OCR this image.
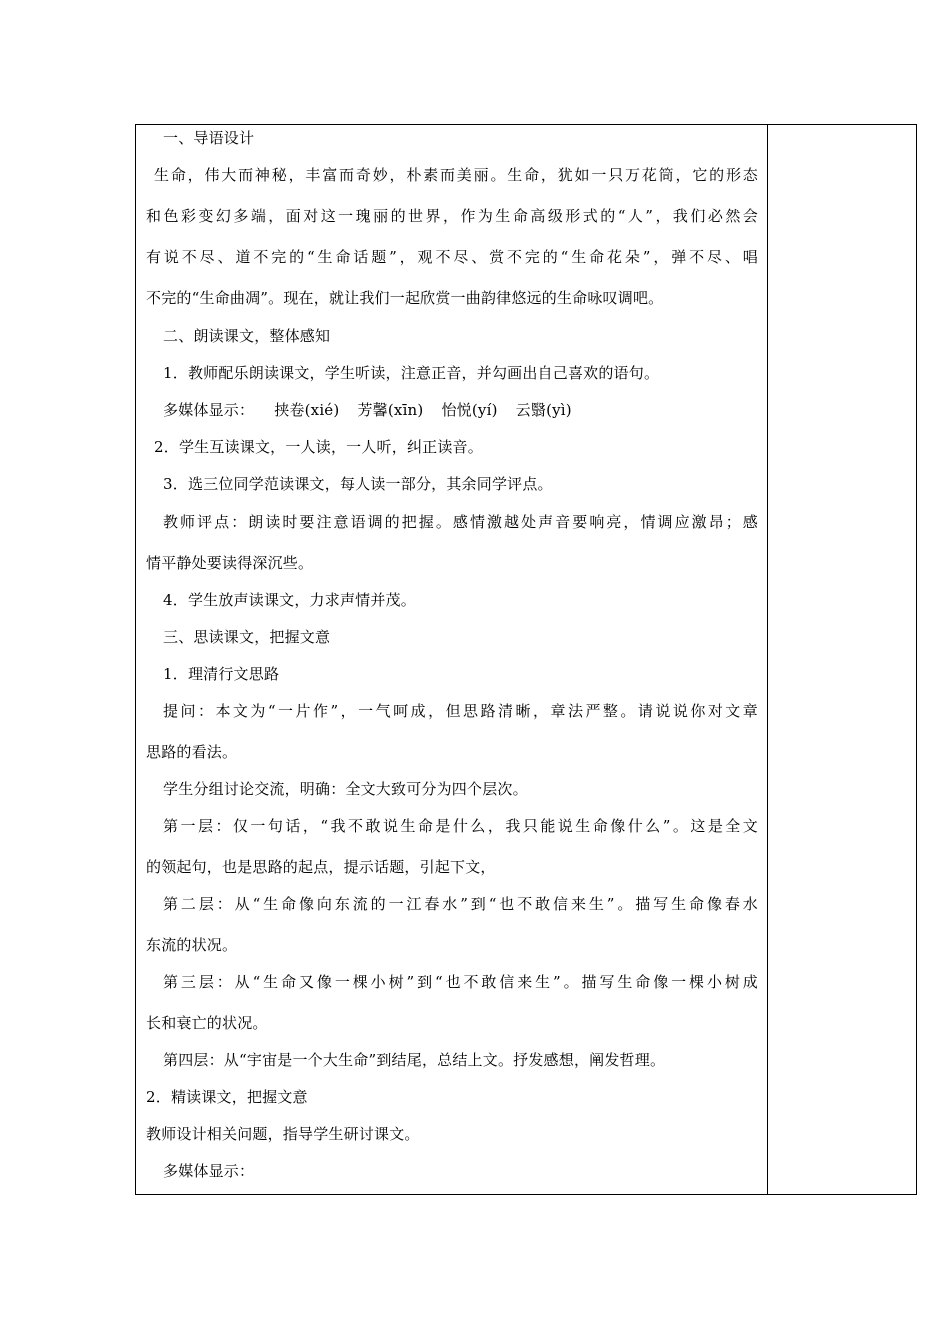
一、导语设计
生命，伟大而神秘，丰富而奇妙，朴素而美丽。生命，犹如一只万花筒，它的形态
和色彩变幻多端，面对这一瑰丽的世界，作为生命高级形式的“人”，我们必然会
有说不尽、道不完的“生命话题”，观不尽、赏不完的“生命花朵”，弹不尽、唱
不完的“生命曲凋”。现在，就让我们一起欣赏一曲韵律悠远的生命咏叹调吧。
二、朗读课文，整体感知
1．教师配乐朗读课文，学生听读，注意正音，并勾画出自己喜欢的语句。
多媒体显示： 挟卷(xié) 芳馨(xīn) 怡悦(yí) 云翳(yì)
2．学生互读课文，一人读，一人听，纠正读音。
3．选三位同学范读课文，每人读一部分，其余同学评点。
教师评点：朗读时要注意语调的把握。感情激越处声音要响亮，情调应激昂；感
情平静处要读得深沉些。
4．学生放声读课文，力求声情并茂。
三、思读课文，把握文意
1．理清行文思路
提问：本文为“一片作”，一气呵成，但思路清晰，章法严整。请说说你对文章
思路的看法。
学生分组讨论交流，明确：全文大致可分为四个层次。
第一层：仅一句话，“我不敢说生命是什么，我只能说生命像什么”。这是全文
的领起句，也是思路的起点，提示话题，引起下文，
第二层：从“生命像向东流的一江春水”到“也不敢信来生”。描写生命像春水
东流的状况。
第三层：从“生命又像一棵小树”到“也不敢信来生”。描写生命像一棵小树成
长和衰亡的状况。
第四层：从“宇宙是一个大生命”到结尾，总结上文。抒发感想，阐发哲理。
2．精读课文，把握文意
教师设计相关问题，指导学生研讨课文。
多媒体显示：
